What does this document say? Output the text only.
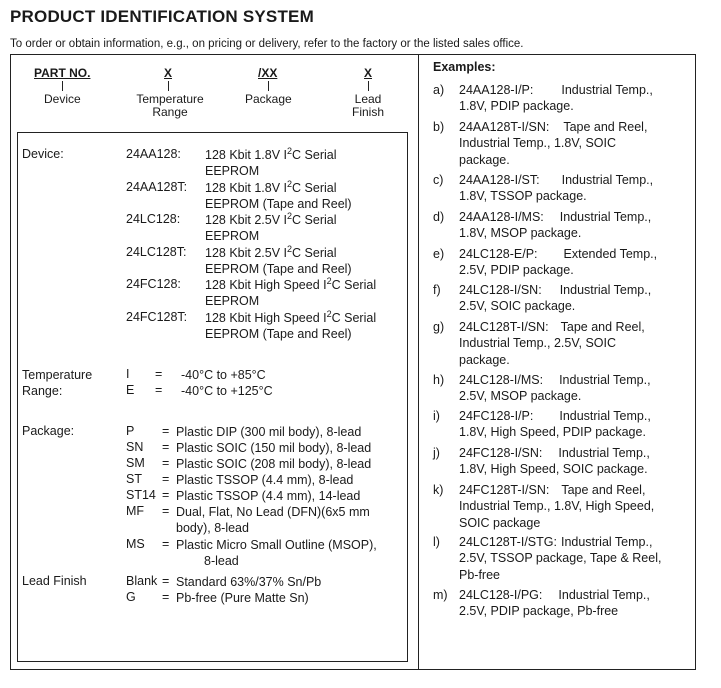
PRODUCT IDENTIFICATION SYSTEM
To order or obtain information, e.g., on pricing or delivery, refer to the factory or the listed sales office.
PART NO.
Device
X
Temperature Range
/XX
Package
X
Lead Finish
Device:	24AA128: 128 Kbit 1.8V $I^2C$ Serial
EEPROM
24AA128T: 128 Kbit 1.8V $I^2C$ Serial
EEPROM (Tape and Reel)
24LC128: 128 Kbit 2.5V $I^2C$ Serial
EEPROM
24LC128T: 128 Kbit 2.5V $I^2C$ Serial
EEPROM (Tape and Reel)
24FC128: 128 Kbit High Speed $I^2C$ Serial
EEPROM
24FC128T: 128 Kbit High Speed $I^2C$ Serial
EEPROM (Tape and Reel)
Temperature
Range:
I = -40°C to +85°C
E = -40°C to +125°C
Package:	P = Plastic DIP (300 mil body), 8-lead
SN = Plastic SOIC (150 mil body), 8-lead
SM = Plastic SOIC (208 mil body), 8-lead
ST = Plastic TSSOP (4.4 mm), 8-lead
ST14 = Plastic TSSOP (4.4 mm), 14-lead
MF = Dual, Flat, No Lead (DFN)(6x5 mm
body), 8-lead
MS = Plastic Micro Small Outline (MSOP),
8-lead
Lead Finish	Blank = Standard 63%/37% Sn/Pb
G = Pb-free (Pure Matte Sn)
Examples:
a) 24AA128-I/P: Industrial Temp.,
1.8V, PDIP package.
b) 24AA128T-I/SN: Tape and Reel,
Industrial Temp., 1.8V, SOIC
package.
c) 24AA128-I/ST: Industrial Temp.,
1.8V, TSSOP package.
d) 24AA128-I/MS: Industrial Temp.,
1.8V, MSOP package.
e) 24LC128-E/P: Extended Temp.,
2.5V, PDIP package.
f) 24LC128-I/SN: Industrial Temp.,
2.5V, SOIC package.
g) 24LC128T-I/SN: Tape and Reel,
Industrial Temp., 2.5V, SOIC
package.
h) 24LC128-I/MS: Industrial Temp.,
2.5V, MSOP package.
i) 24FC128-I/P: Industrial Temp.,
1.8V, High Speed, PDIP package.
j) 24FC128-I/SN: Industrial Temp.,
1.8V, High Speed, SOIC package.
k) 24FC128T-I/SN: Tape and Reel,
Industrial Temp., 1.8V, High Speed,
SOIC package
l) 24LC128T-I/STG: Industrial Temp.,
2.5V, TSSOP package, Tape & Reel,
Pb-free
m) 24LC128-I/PG: Industrial Temp.,
2.5V, PDIP package, Pb-free
